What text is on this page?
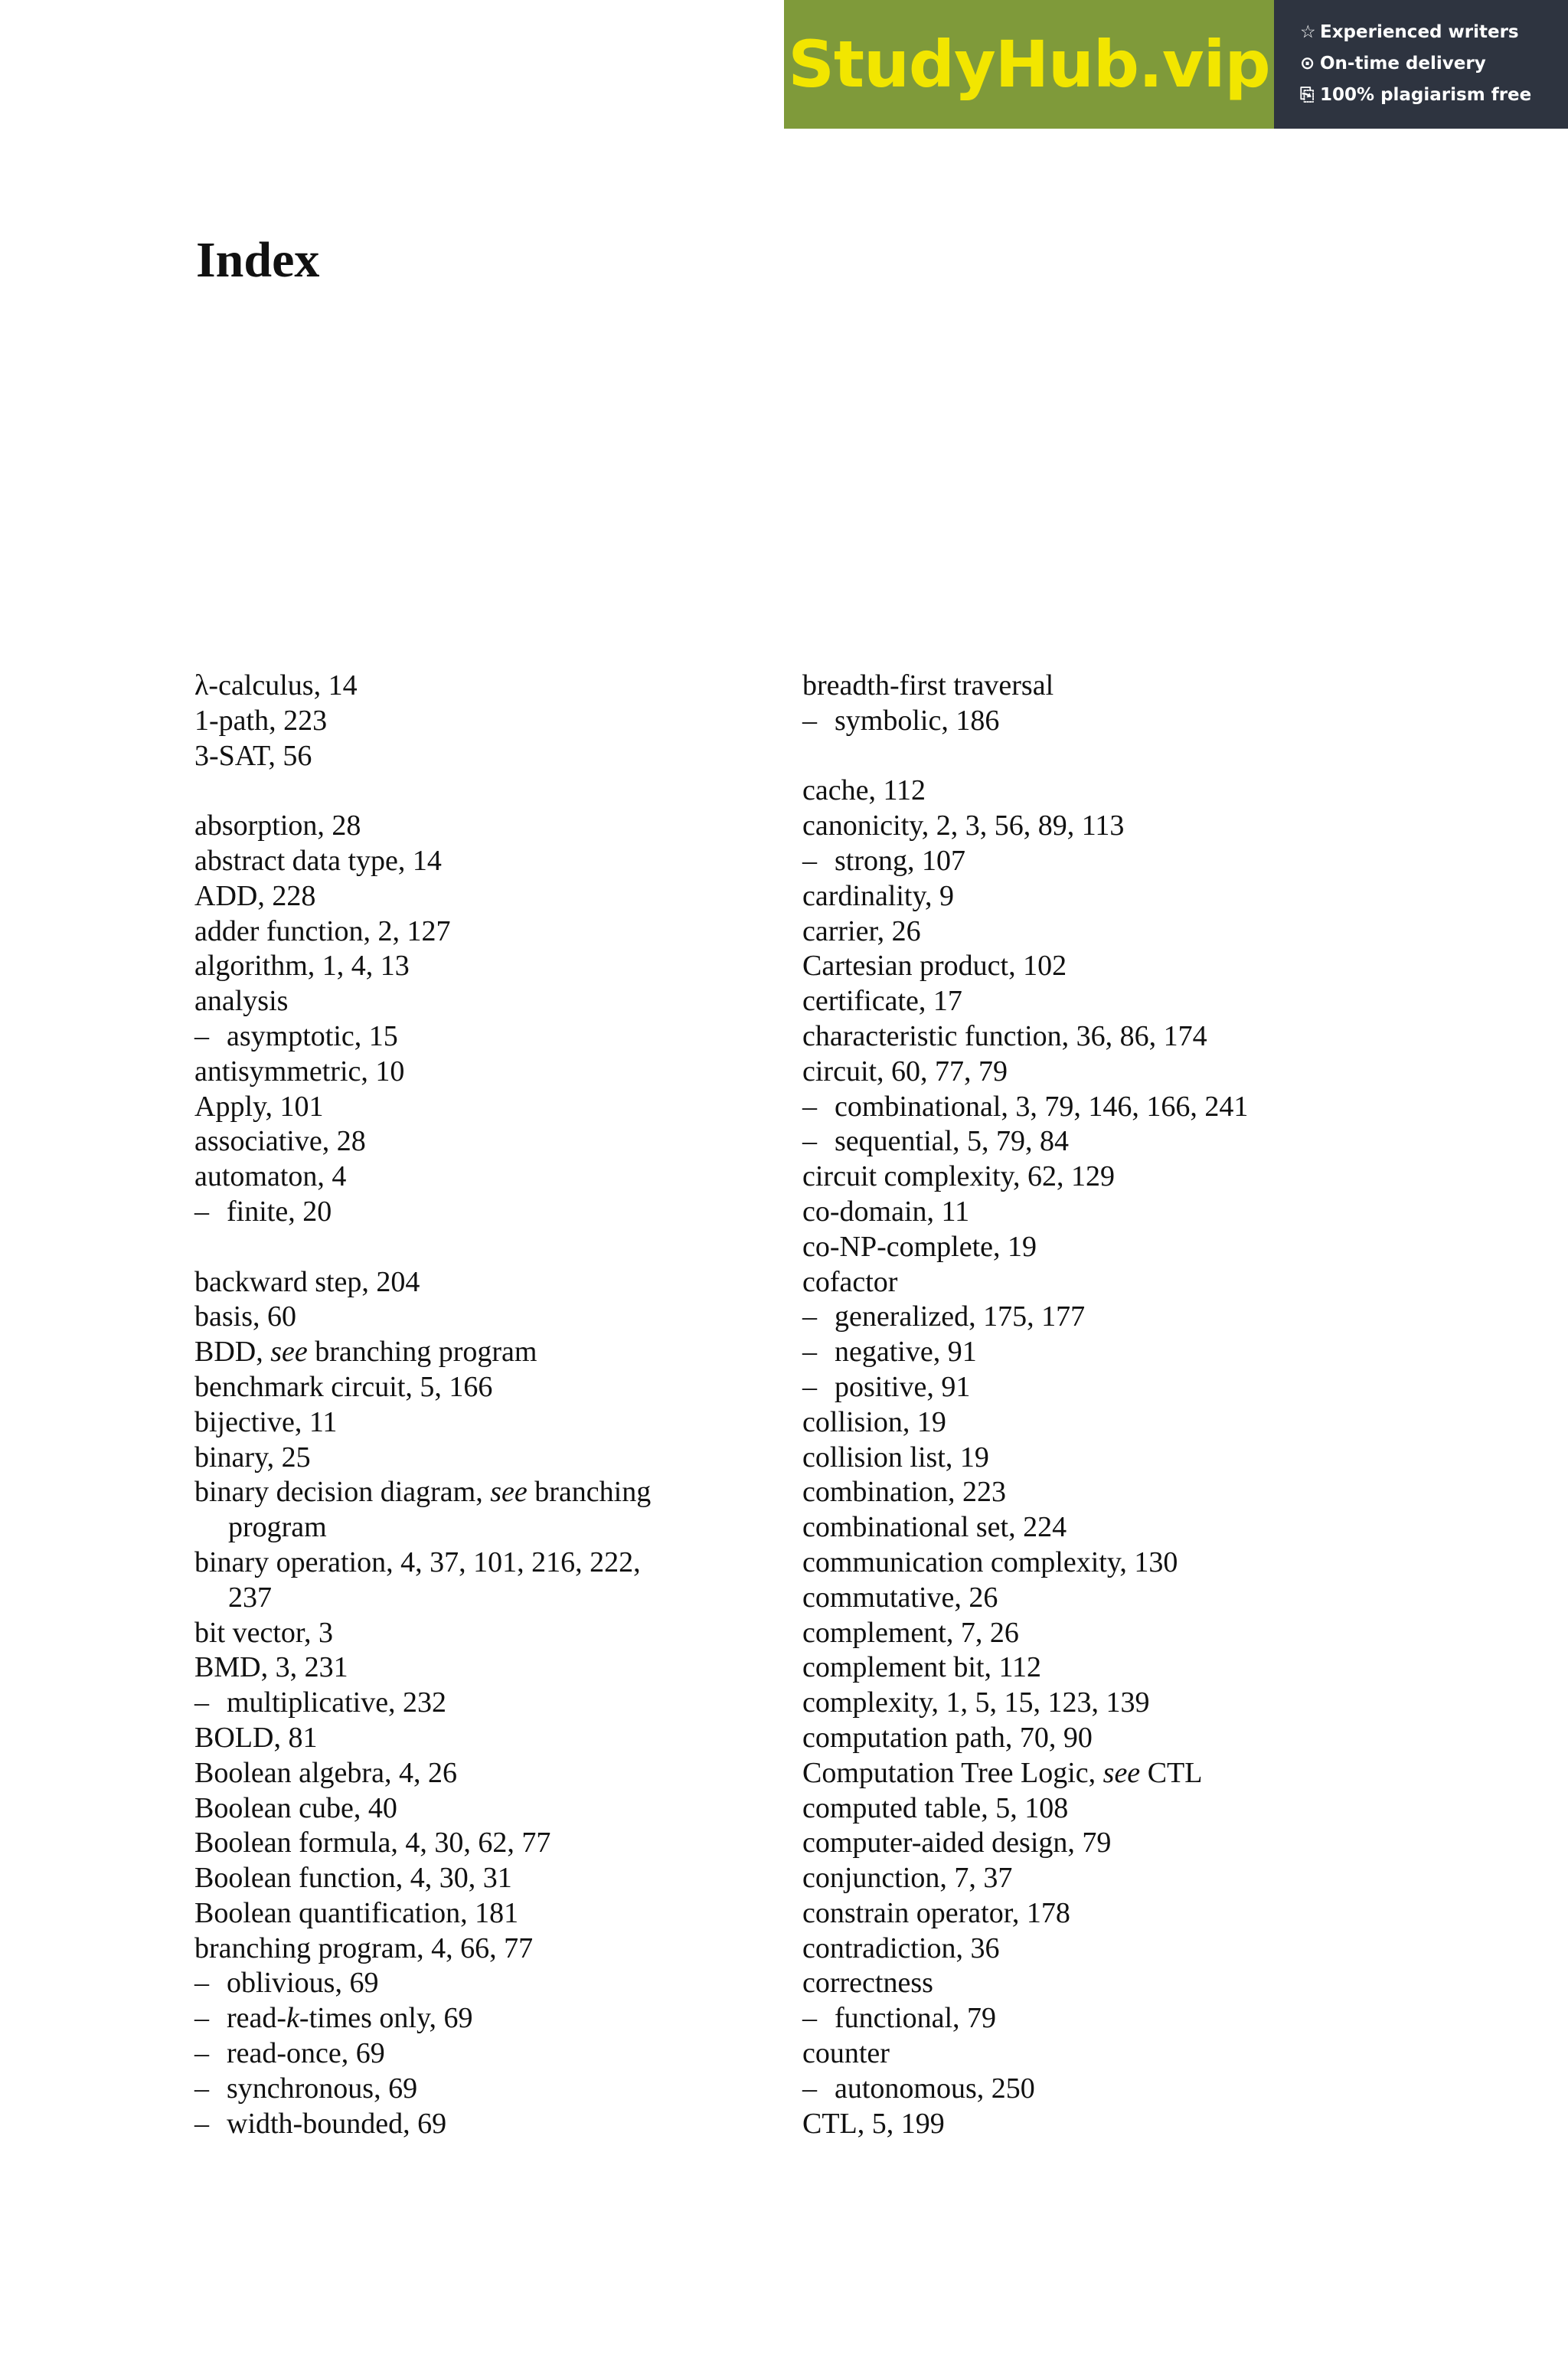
StudyHub.vip ☆ Experienced writers
⊙ On-time delivery
⎘ 100% plagiarism free
Index
λ-calculus, 14
1-path, 223
3-SAT, 56
absorption, 28
abstract data type, 14
ADD, 228
adder function, 2, 127
algorithm, 1, 4, 13
analysis
– asymptotic, 15
antisymmetric, 10
Apply, 101
associative, 28
automaton, 4
– finite, 20
backward step, 204
basis, 60
BDD, see branching program
benchmark circuit, 5, 166
bijective, 11
binary, 25
binary decision diagram, see branching
program
binary operation, 4, 37, 101, 216, 222,
237
bit vector, 3
BMD, 3, 231
– multiplicative, 232
BOLD, 81
Boolean algebra, 4, 26
Boolean cube, 40
Boolean formula, 4, 30, 62, 77
Boolean function, 4, 30, 31
Boolean quantification, 181
branching program, 4, 66, 77
– oblivious, 69
– read-k-times only, 69
– read-once, 69
– synchronous, 69
– width-bounded, 69
breadth-first traversal
– symbolic, 186
cache, 112
canonicity, 2, 3, 56, 89, 113
– strong, 107
cardinality, 9
carrier, 26
Cartesian product, 102
certificate, 17
characteristic function, 36, 86, 174
circuit, 60, 77, 79
– combinational, 3, 79, 146, 166, 241
– sequential, 5, 79, 84
circuit complexity, 62, 129
co-domain, 11
co-NP-complete, 19
cofactor
– generalized, 175, 177
– negative, 91
– positive, 91
collision, 19
collision list, 19
combination, 223
combinational set, 224
communication complexity, 130
commutative, 26
complement, 7, 26
complement bit, 112
complexity, 1, 5, 15, 123, 139
computation path, 70, 90
Computation Tree Logic, see CTL
computed table, 5, 108
computer-aided design, 79
conjunction, 7, 37
constrain operator, 178
contradiction, 36
correctness
– functional, 79
counter
– autonomous, 250
CTL, 5, 199
